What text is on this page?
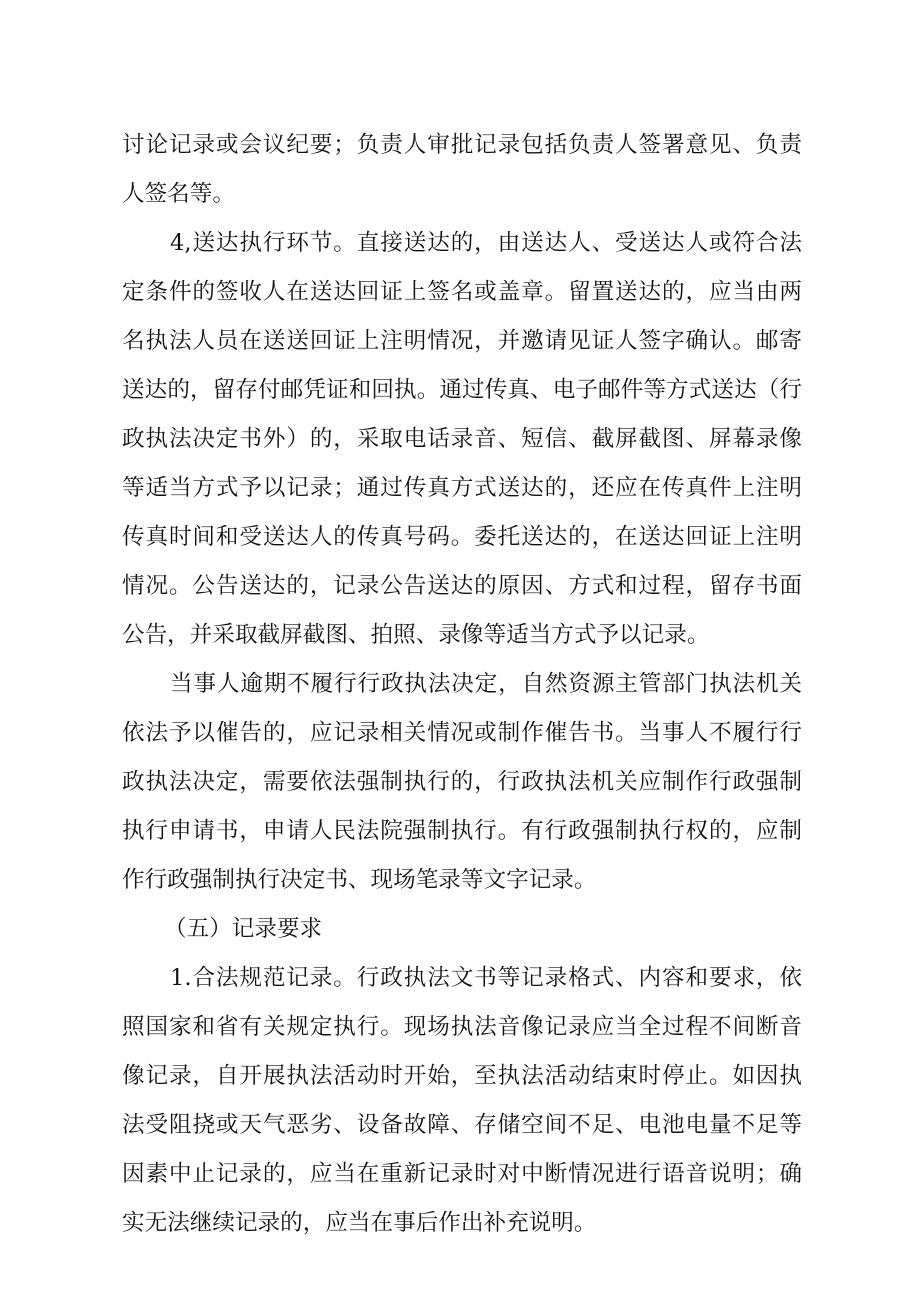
讨论记录或会议纪要；负责人审批记录包括负责人签署意见、负责

人签名等。

4,送达执行环节。直接送达的，由送达人、受送达人或符合法

定条件的签收人在送达回证上签名或盖章。留置送达的，应当由两

名执法人员在送送回证上注明情况，并邀请见证人签字确认。邮寄

送达的，留存付邮凭证和回执。通过传真、电子邮件等方式送达（行

政执法决定书外）的，采取电话录音、短信、截屏截图、屏幕录像

等适当方式予以记录；通过传真方式送达的，还应在传真件上注明

传真时间和受送达人的传真号码。委托送达的，在送达回证上注明

情况。公告送达的，记录公告送达的原因、方式和过程，留存书面

公告，并采取截屏截图、拍照、录像等适当方式予以记录。

当事人逾期不履行行政执法决定，自然资源主管部门执法机关

依法予以催告的，应记录相关情况或制作催告书。当事人不履行行

政执法决定，需要依法强制执行的，行政执法机关应制作行政强制

执行申请书，申请人民法院强制执行。有行政强制执行权的，应制

作行政强制执行决定书、现场笔录等文字记录。

（五）记录要求

1.合法规范记录。行政执法文书等记录格式、内容和要求，依

照国家和省有关规定执行。现场执法音像记录应当全过程不间断音

像记录，自开展执法活动时开始，至执法活动结束时停止。如因执

法受阻挠或天气恶劣、设备故障、存储空间不足、电池电量不足等

因素中止记录的，应当在重新记录时对中断情况进行语音说明；确

实无法继续记录的，应当在事后作出补充说明。
